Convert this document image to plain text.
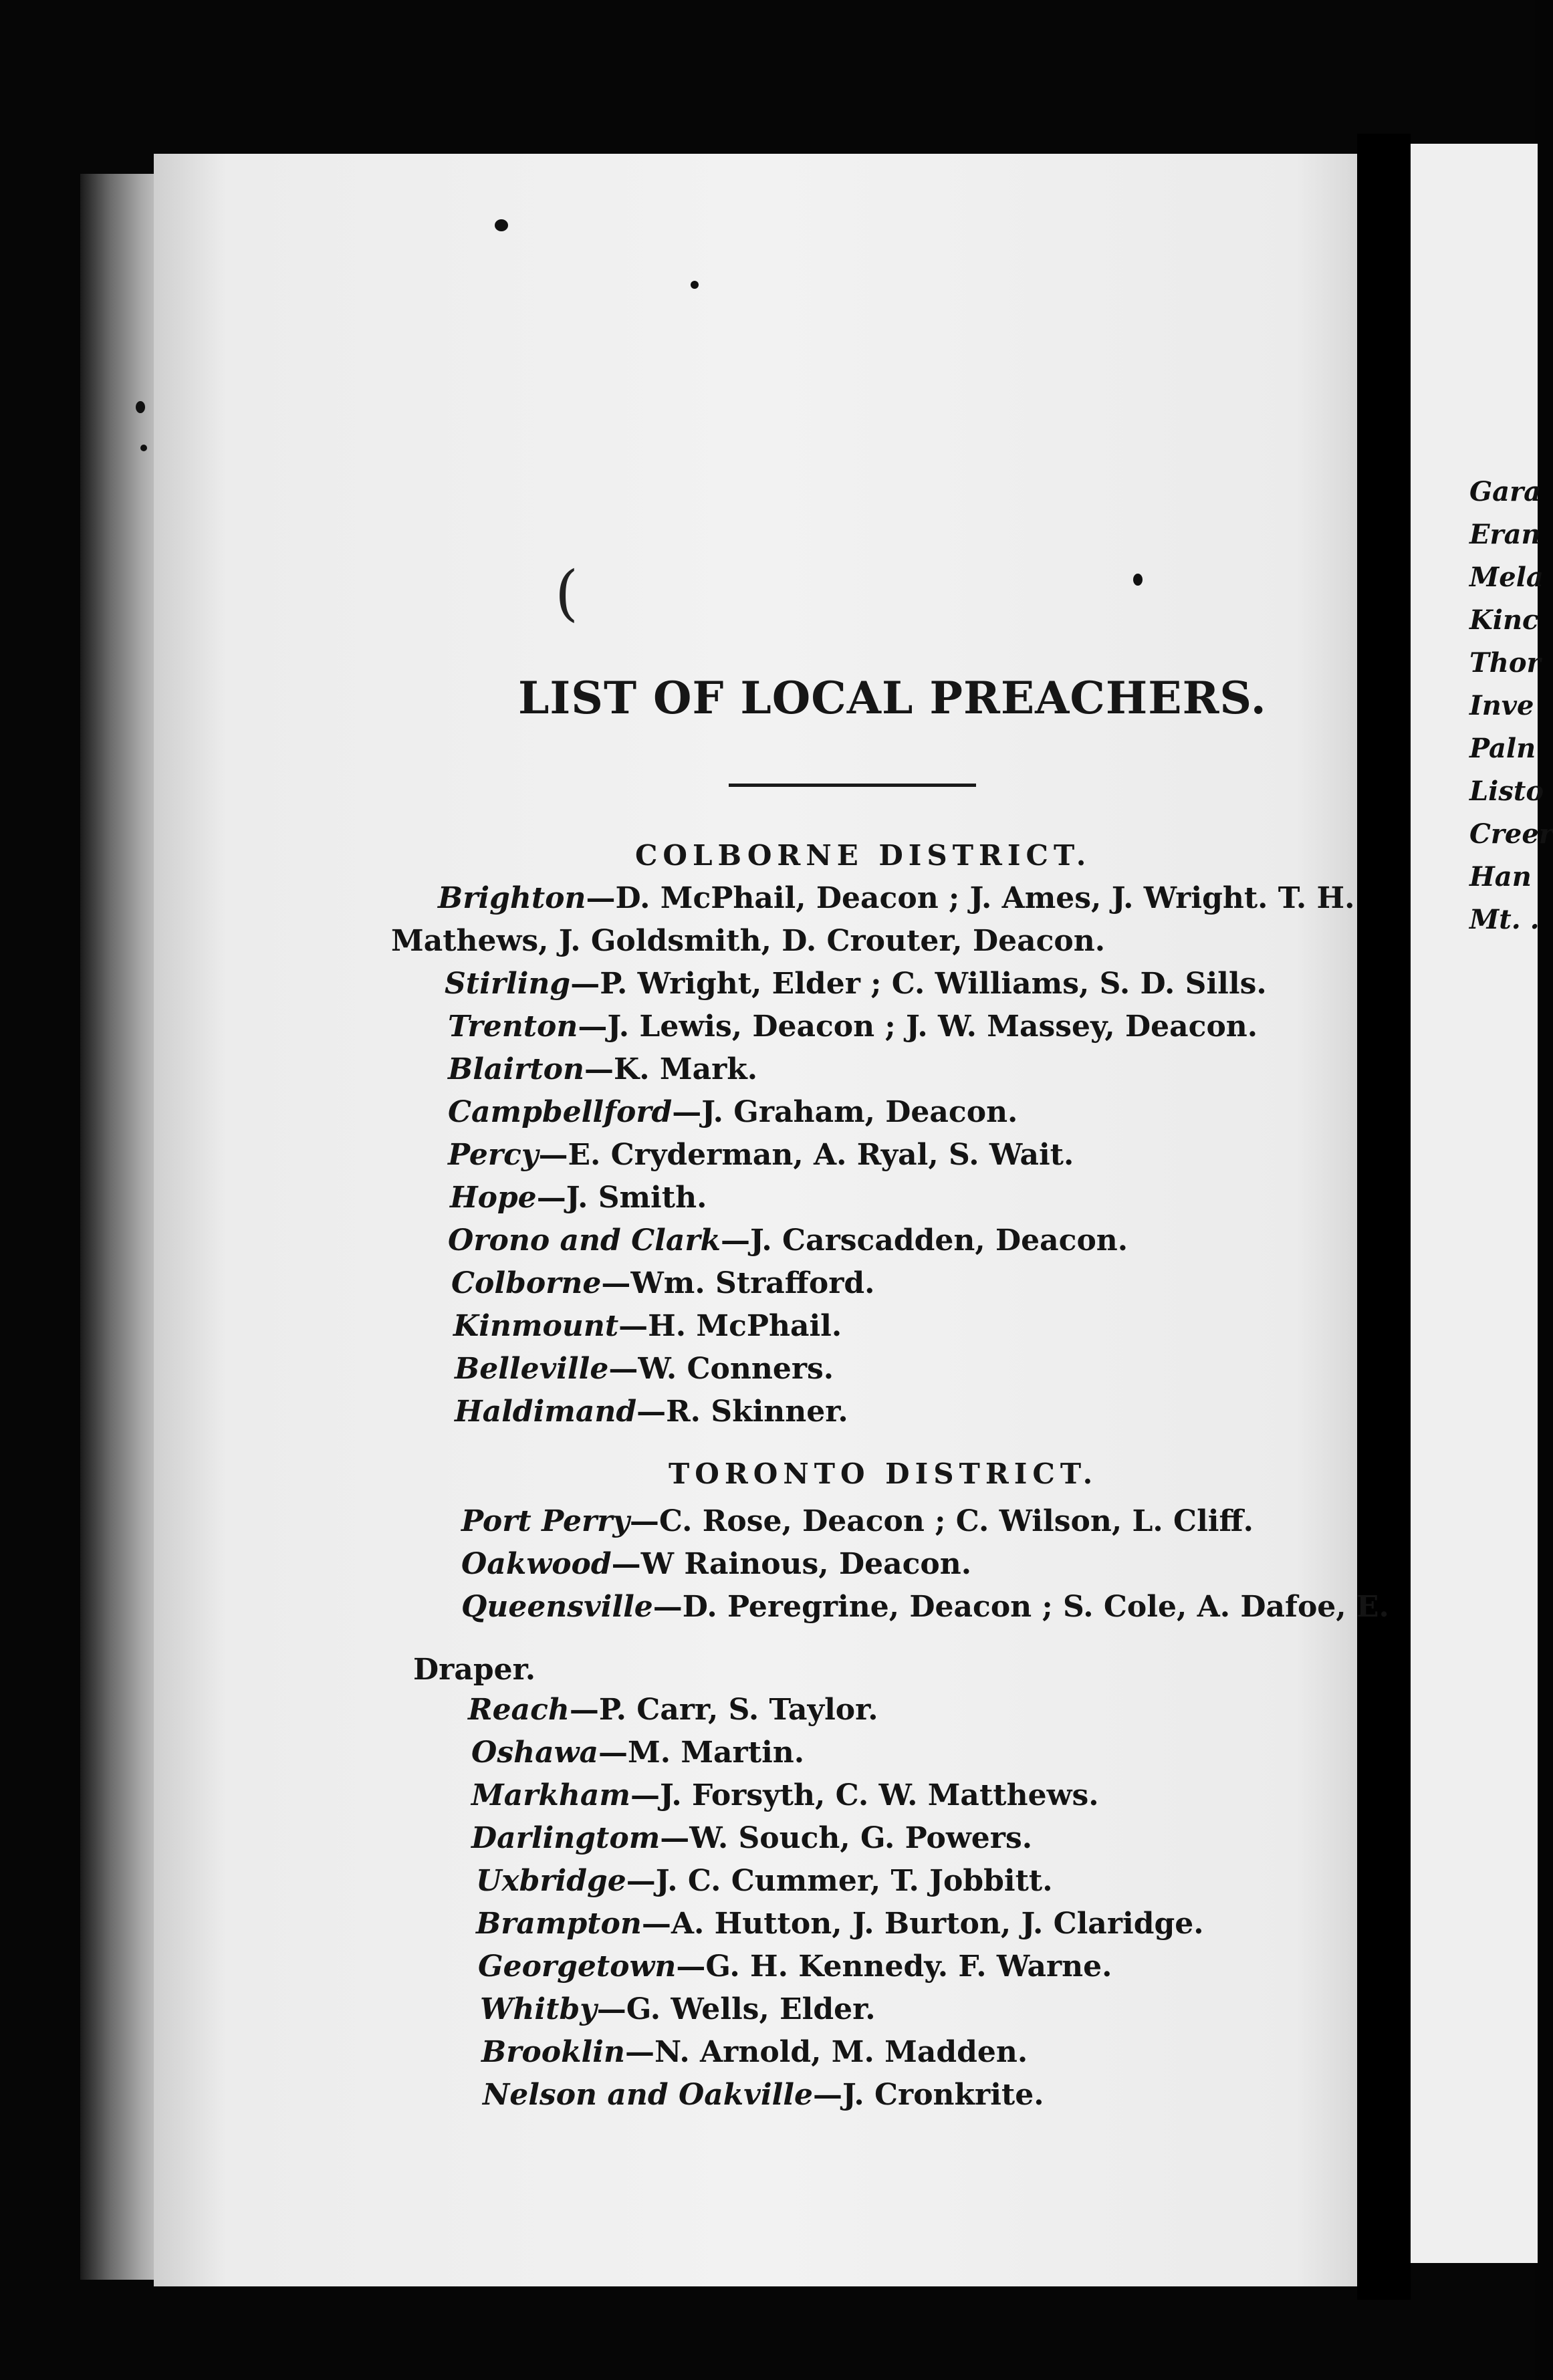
(
LIST OF LOCAL PREACHERS.
COLBORNE DISTRICT.
Brighton—D. McPhail, Deacon ; J. Ames, J. Wright. T. H.
Mathews, J. Goldsmith, D. Crouter, Deacon.
Stirling—P. Wright, Elder ; C. Williams, S. D. Sills.
Trenton—J. Lewis, Deacon ; J. W. Massey, Deacon.
Blairton—K. Mark.
Campbellford—J. Graham, Deacon.
Percy—E. Cryderman, A. Ryal, S. Wait.
Hope—J. Smith.
Orono and Clark—J. Carscadden, Deacon.
Colborne—Wm. Strafford.
Kinmount—H. McPhail.
Belleville—W. Conners.
Haldimand—R. Skinner.
TORONTO DISTRICT.
Port Perry—C. Rose, Deacon ; C. Wilson, L. Cliff.
Oakwood—W Rainous, Deacon.
Queensville—D. Peregrine, Deacon ; S. Cole, A. Dafoe, E.
Draper.
Reach—P. Carr, S. Taylor.
Oshawa—M. Martin.
Markham—J. Forsyth, C. W. Matthews.
Darlingtom—W. Souch, G. Powers.
Uxbridge—J. C. Cummer, T. Jobbitt.
Brampton—A. Hutton, J. Burton, J. Claridge.
Georgetown—G. H. Kennedy. F. Warne.
Whitby—G. Wells, Elder.
Brooklin—N. Arnold, M. Madden.
Nelson and Oakville—J. Cronkrite.
Gara
Eran
Mela
Kinc
Thor
Inve
Paln
Listo
Creer
Han
Mt. .
